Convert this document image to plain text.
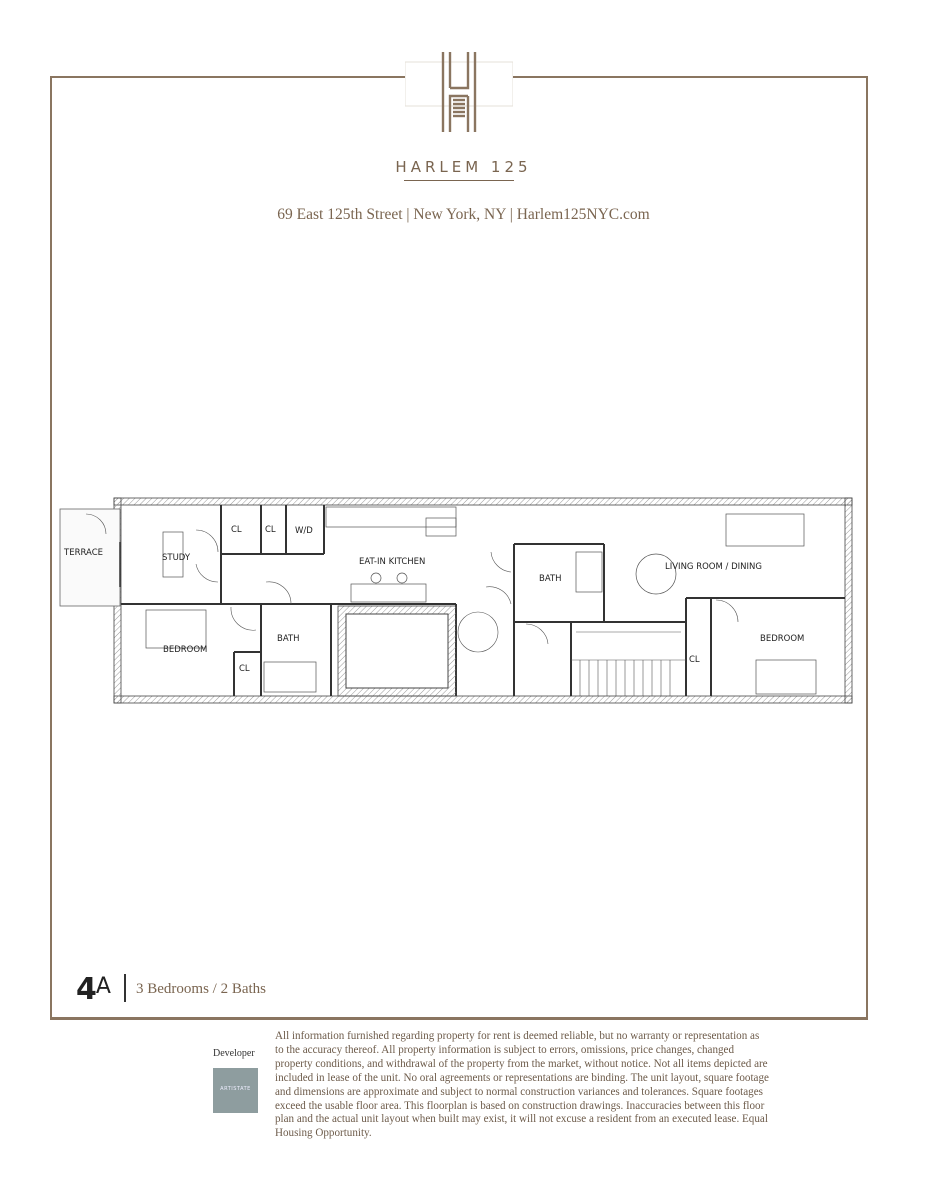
HARLEM 125
69 East 125th Street | New York, NY | Harlem125NYC.com
TERRACE	STUDY
CL	CL W/D
EAT-IN KITCHEN
BATH
LIVING ROOM / DINING
BEDROOM
BATH
CL
CL
BEDROOM
$4^A$ 3 Bedrooms / 2 Baths
Developer
ARTISTATE
All information furnished regarding property for rent is deemed reliable, but no warranty or representation as
to the accuracy thereof. All property information is subject to errors, omissions, price changes, changed
property conditions, and withdrawal of the property from the market, without notice. Not all items depicted are
included in lease of the unit. No oral agreements or representations are binding. The unit layout, square footage
and dimensions are approximate and subject to normal construction variances and tolerances. Square footages
exceed the usable floor area. This floorplan is based on construction drawings. Inaccuracies between this floor
plan and the actual unit layout when built may exist, it will not excuse a resident from an executed lease. Equal
Housing Opportunity.
